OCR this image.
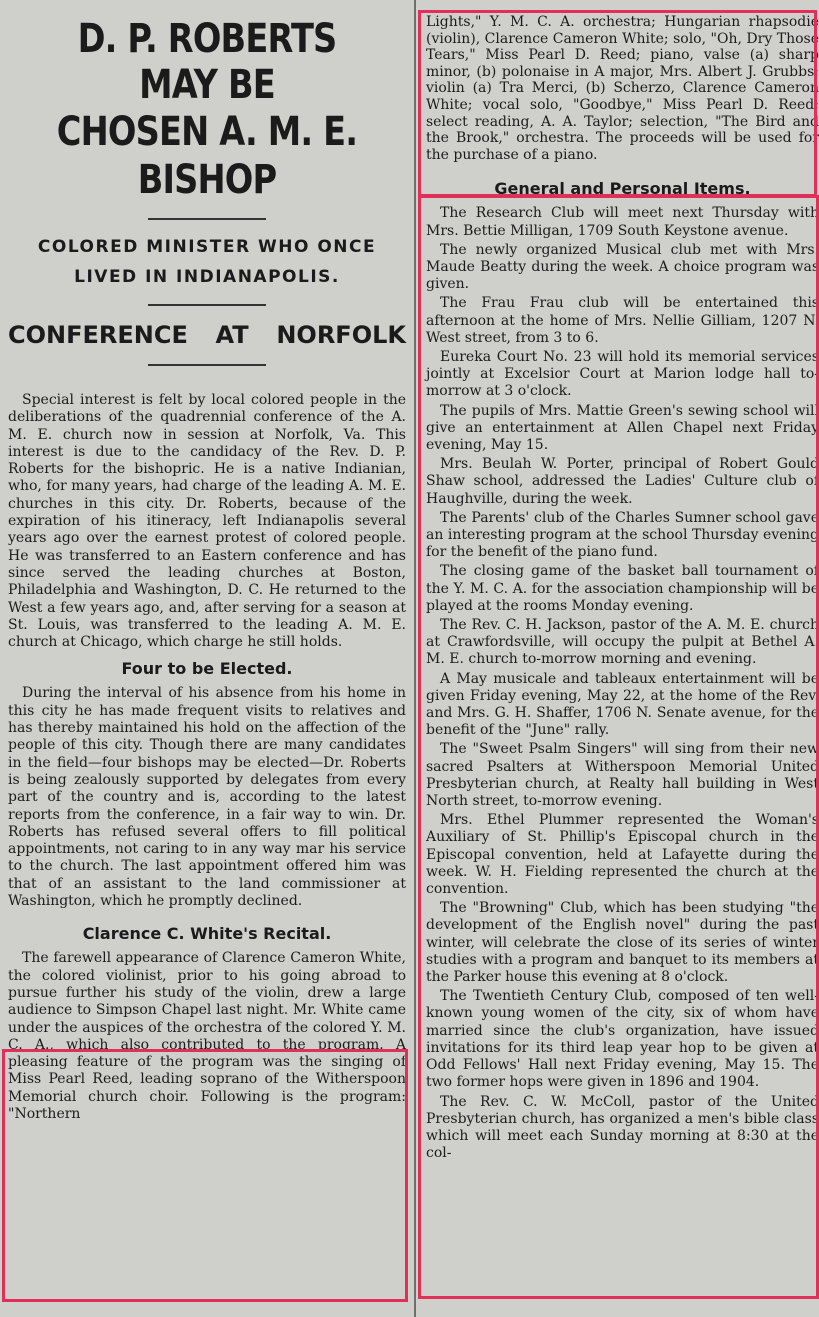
D. P. ROBERTS MAY BE
CHOSEN A. M. E. BISHOP
COLORED MINISTER WHO ONCE
LIVED IN INDIANAPOLIS.
CONFERENCE AT NORFOLK

Special interest is felt by local colored people in the deliberations of the quadrennial conference of the A. M. E. church now in session at Norfolk, Va. This interest is due to the candidacy of the Rev. D. P. Roberts for the bishopric. He is a native Indianian, who, for many years, had charge of the leading A. M. E. churches in this city. Dr. Roberts, because of the expiration of his itineracy, left Indianapolis several years ago over the earnest protest of colored people. He was transferred to an Eastern conference and has since served the leading churches at Boston, Philadelphia and Washington, D. C. He returned to the West a few years ago, and, after serving for a season at St. Louis, was transferred to the leading A. M. E. church at Chicago, which charge he still holds.

Four to be Elected.

During the interval of his absence from his home in this city he has made frequent visits to relatives and has thereby maintained his hold on the affection of the people of this city. Though there are many candidates in the field—four bishops may be elected—Dr. Roberts is being zealously supported by delegates from every part of the country and is, according to the latest reports from the conference, in a fair way to win. Dr. Roberts has refused several offers to fill political appointments, not caring to in any way mar his service to the church. The last appointment offered him was that of an assistant to the land commissioner at Washington, which he promptly declined.

Clarence C. White's Recital.

The farewell appearance of Clarence Cameron White, the colored violinist, prior to his going abroad to pursue further his study of the violin, drew a large audience to Simpson Chapel last night. Mr. White came under the auspices of the orchestra of the colored Y. M. C. A., which also contributed to the program. A pleasing feature of the program was the singing of Miss Pearl Reed, leading soprano of the Witherspoon Memorial church choir. Following is the program: "Northern

Lights," Y. M. C. A. orchestra; Hungarian rhapsodie (violin), Clarence Cameron White; solo, "Oh, Dry Those Tears," Miss Pearl D. Reed; piano, valse (a) sharp minor, (b) polonaise in A major, Mrs. Albert J. Grubbs; violin (a) Tra Merci, (b) Scherzo, Clarence Cameron White; vocal solo, "Goodbye," Miss Pearl D. Reed; select reading, A. A. Taylor; selection, "The Bird and the Brook," orchestra. The proceeds will be used for the purchase of a piano.

General and Personal Items.

The Research Club will meet next Thursday with Mrs. Bettie Milligan, 1709 South Keystone avenue.

The newly organized Musical club met with Mrs. Maude Beatty during the week. A choice program was given.

The Frau Frau club will be entertained this afternoon at the home of Mrs. Nellie Gilliam, 1207 N. West street, from 3 to 6.

Eureka Court No. 23 will hold its memorial services jointly at Excelsior Court at Marion lodge hall to-morrow at 3 o'clock.

The pupils of Mrs. Mattie Green's sewing school will give an entertainment at Allen Chapel next Friday evening, May 15.

Mrs. Beulah W. Porter, principal of Robert Gould Shaw school, addressed the Ladies' Culture club of Haughville, during the week.

The Parents' club of the Charles Sumner school gave an interesting program at the school Thursday evening for the benefit of the piano fund.

The closing game of the basket ball tournament of the Y. M. C. A. for the association championship will be played at the rooms Monday evening.

The Rev. C. H. Jackson, pastor of the A. M. E. church at Crawfordsville, will occupy the pulpit at Bethel A. M. E. church to-morrow morning and evening.

A May musicale and tableaux entertainment will be given Friday evening, May 22, at the home of the Rev. and Mrs. G. H. Shaffer, 1706 N. Senate avenue, for the benefit of the "June" rally.

The "Sweet Psalm Singers" will sing from their new sacred Psalters at Witherspoon Memorial United Presbyterian church, at Realty hall building in West North street, to-morrow evening.

Mrs. Ethel Plummer represented the Woman's Auxiliary of St. Phillip's Episcopal church in the Episcopal convention, held at Lafayette during the week. W. H. Fielding represented the church at the convention.

The "Browning" Club, which has been studying "the development of the English novel" during the past winter, will celebrate the close of its series of winter studies with a program and banquet to its members at the Parker house this evening at 8 o'clock.

The Twentieth Century Club, composed of ten well-known young women of the city, six of whom have married since the club's organization, have issued invitations for its third leap year hop to be given at Odd Fellows' Hall next Friday evening, May 15. The two former hops were given in 1896 and 1904.

The Rev. C. W. McColl, pastor of the United Presbyterian church, has organized a men's bible class which will meet each Sunday morning at 8:30 at the col-
